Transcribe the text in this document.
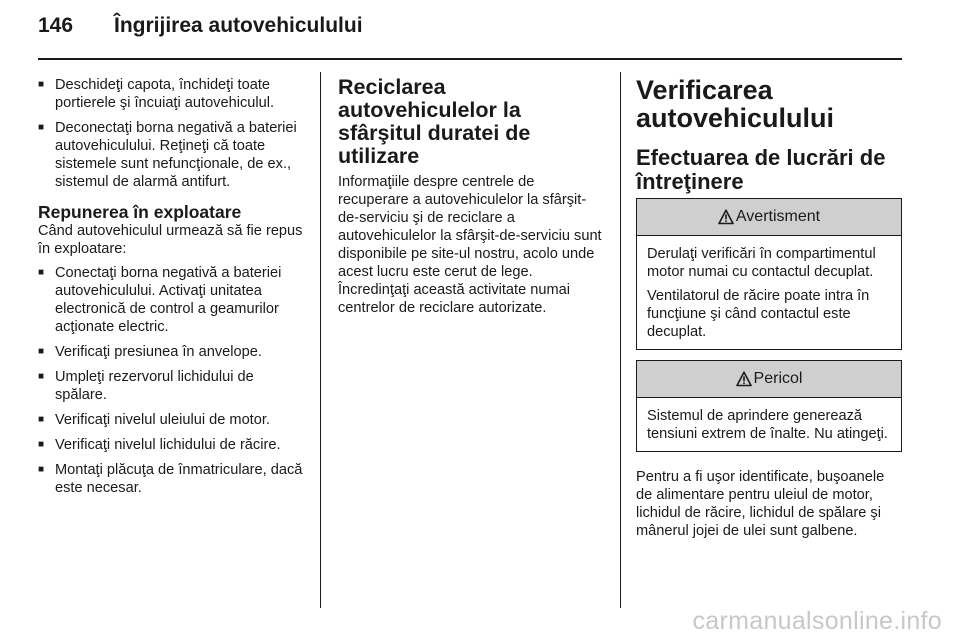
146	Îngrijirea autovehiculului
■ Deschideţi capota, închideţi toate portierele şi încuiaţi autovehiculul.
■ Deconectaţi borna negativă a bateriei autovehiculului. Reţineţi că toate sistemele sunt nefuncţionale, de ex., sistemul de alarmă antifurt.
Repunerea în exploatare

Când autovehiculul urmează să fie repus în exploatare:

■ Conectaţi borna negativă a bateriei autovehiculului. Activaţi unitatea electronică de control a geamurilor acţionate electric.
■ Verificaţi presiunea în anvelope.
■ Umpleţi rezervorul lichidului de spălare.
■ Verificaţi nivelul uleiului de motor.
■ Verificaţi nivelul lichidului de răcire.
■ Montaţi plăcuţa de înmatriculare, dacă este necesar.
Reciclarea autovehiculelor la sfârşitul duratei de utilizare

Informaţiile despre centrele de recuperare a autovehiculelor la sfârşit-de-serviciu şi de reciclare a autovehiculelor la sfârşit-de-serviciu sunt disponibile pe site-ul nostru, acolo unde acest lucru este cerut de lege. Încredinţaţi această activitate numai centrelor de reciclare autorizate.

Verificarea autovehiculului
Efectuarea de lucrări de întreţinere
Avertisment

Derulaţi verificări în compartimentul motor numai cu contactul decuplat.

Ventilatorul de răcire poate intra în funcţiune şi când contactul este decuplat.

Pericol

Sistemul de aprindere generează tensiuni extrem de înalte. Nu atingeţi.

Pentru a fi uşor identificate, buşoanele de alimentare pentru uleiul de motor, lichidul de răcire, lichidul de spălare şi mânerul jojei de ulei sunt galbene.

carmanualsonline.info
